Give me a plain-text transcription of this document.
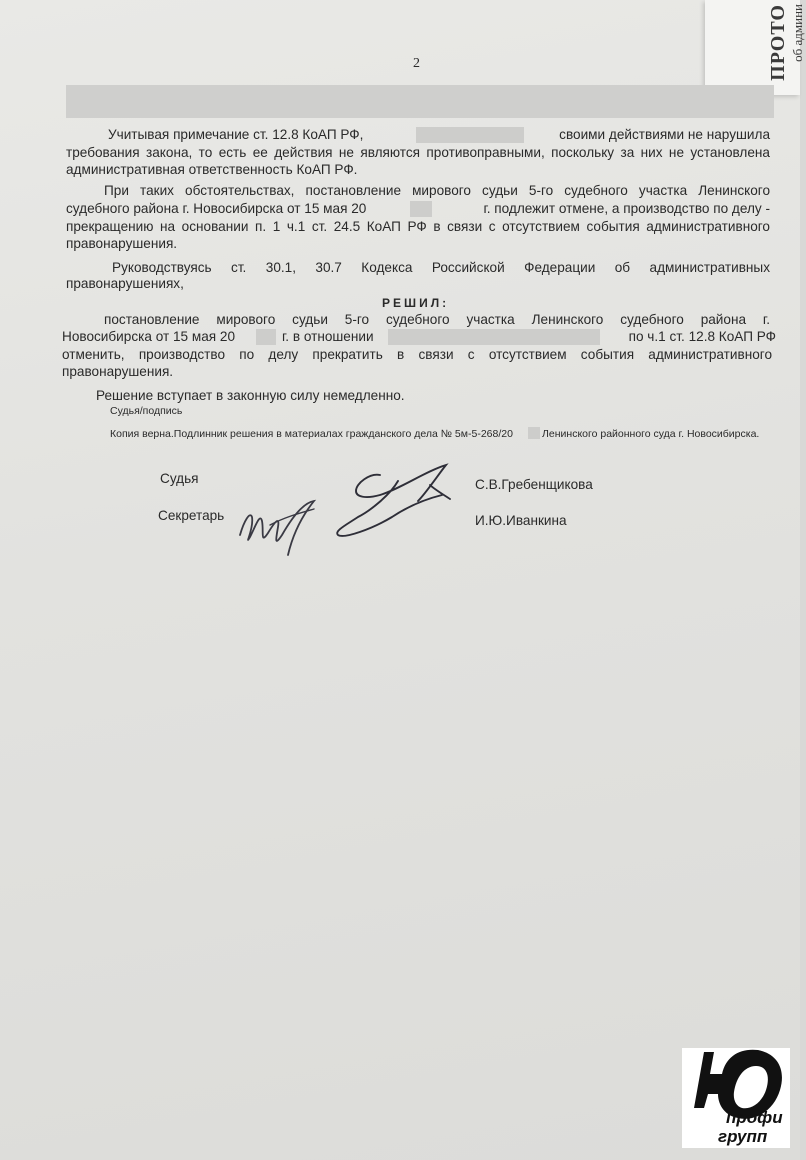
ПРОТО об админи
2
Учитывая примечание ст. 12.8 КоАП РФ,	своими действиями не нарушила
требования закона, то есть ее действия не являются противоправными, поскольку за них не установлена
административная ответственность КоАП РФ.
При таких обстоятельствах, постановление мирового судьи 5-го судебного участка Ленинского
судебного района г. Новосибирска от 15 мая 20	г. подлежит отмене, а производство по делу -
прекращению на основании п. 1 ч.1 ст. 24.5 КоАП РФ в связи с отсутствием события административного
правонарушения.
Руководствуясь ст. 30.1, 30.7 Кодекса Российской Федерации об административных
правонарушениях,
РЕШИЛ:
постановление мирового судьи 5-го судебного участка Ленинского судебного района г.
Новосибирска от 15 мая 20	г. в отношении	по ч.1 ст. 12.8 КоАП РФ
отменить, производство по делу прекратить в связи с отсутствием события административного
правонарушения.
Решение вступает в законную силу немедленно.
Судья/подпись
Копия верна.Подлинник решения в материалах гражданского дела № 5м-5-268/20	Ленинского районного суда г. Новосибирска.
Судья	С.В.Гребенщикова
Секретарь	И.Ю.Иванкина
профи
групп
